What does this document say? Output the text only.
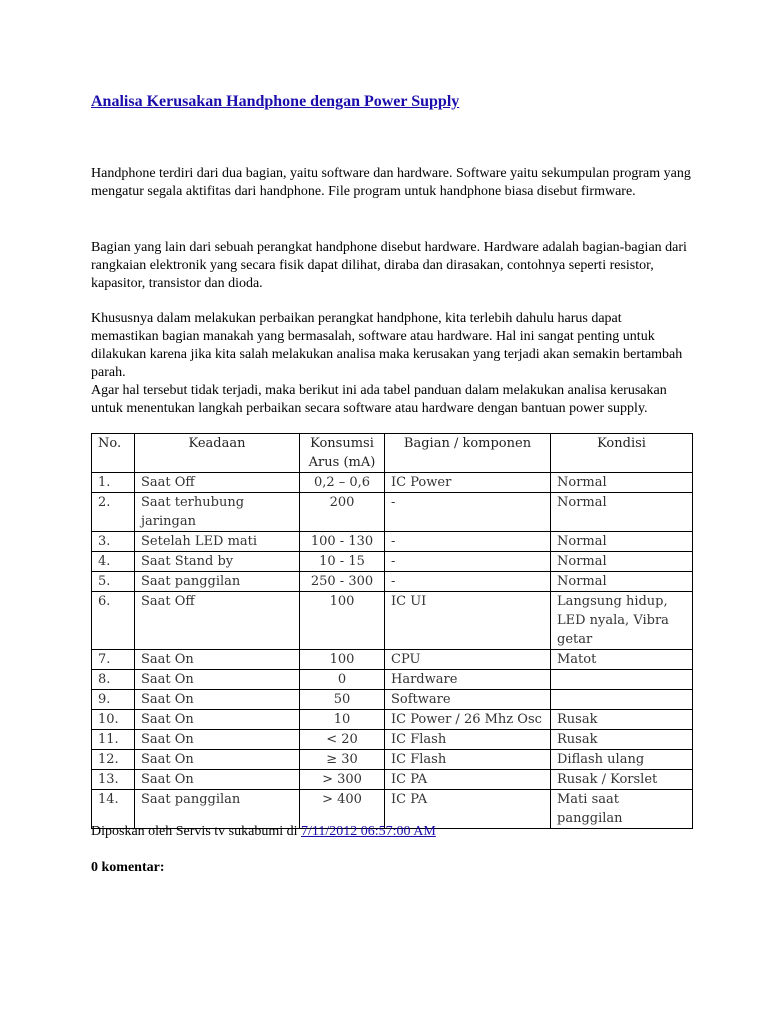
Analisa Kerusakan Handphone dengan Power Supply

Handphone terdiri dari dua bagian, yaitu software dan hardware. Software yaitu sekumpulan program yang mengatur segala aktifitas dari handphone. File program untuk handphone biasa disebut firmware.

Bagian yang lain dari sebuah perangkat handphone disebut hardware. Hardware adalah bagian-bagian dari rangkaian elektronik yang secara fisik dapat dilihat, diraba dan dirasakan, contohnya seperti resistor, kapasitor, transistor dan dioda.

Khususnya dalam melakukan perbaikan perangkat handphone, kita terlebih dahulu harus dapat memastikan bagian manakah yang bermasalah, software atau hardware. Hal ini sangat penting untuk dilakukan karena jika kita salah melakukan analisa maka kerusakan yang terjadi akan semakin bertambah parah.

Agar hal tersebut tidak terjadi, maka berikut ini ada tabel panduan dalam melakukan analisa kerusakan untuk menentukan langkah perbaikan secara software atau hardware dengan bantuan power supply.

No.	Keadaan	Konsumsi Arus (mA)	Bagian / komponen	Kondisi
1.	Saat Off	0,2 – 0,6	IC Power	Normal
2.	Saat terhubung jaringan	200	-	Normal
3.	Setelah LED mati	100 - 130	-	Normal
4.	Saat Stand by	10 - 15	-	Normal
5.	Saat panggilan	250 - 300	-	Normal
6.	Saat Off	100	IC UI	Langsung hidup, LED nyala, Vibra getar
7.	Saat On	100	CPU	Matot
8.	Saat On	0	Hardware	
9.	Saat On	50	Software	
10.	Saat On	10	IC Power / 26 Mhz Osc	Rusak
11.	Saat On	< 20	IC Flash	Rusak
12.	Saat On	≥ 30	IC Flash	Diflash ulang
13.	Saat On	> 300	IC PA	Rusak / Korslet
14.	Saat panggilan	> 400	IC PA	Mati saat panggilan
Diposkan oleh Servis tv sukabumi di 7/11/2012 06:57:00 AM
0 komentar:
